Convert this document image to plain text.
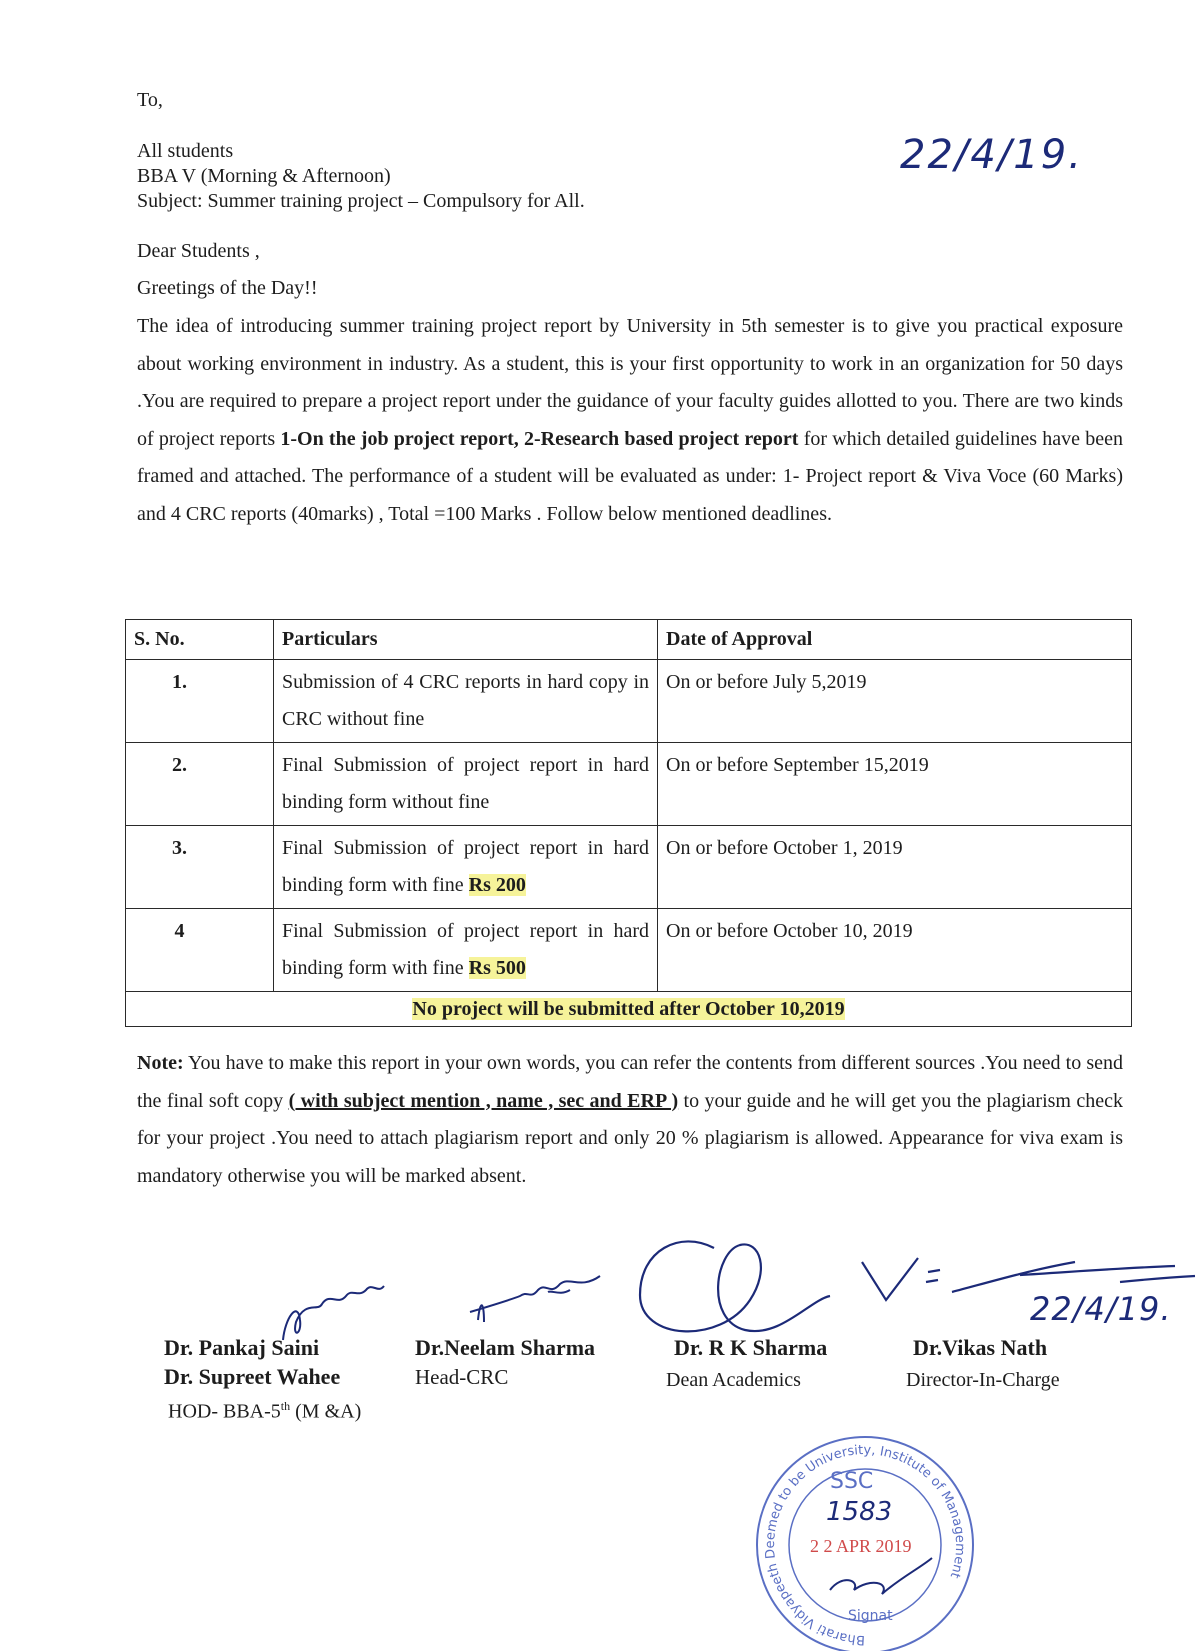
To,
All students
BBA V (Morning & Afternoon)
Subject: Summer training project – Compulsory for All.
22/4/19.
Dear Students ,
Greetings of the Day!!

The idea of introducing summer training project report by University in 5th semester is to give you practical exposure about working environment in industry. As a student, this is your first opportunity to work in an organization for 50 days .You are required to prepare a project report under the guidance of your faculty guides allotted to you. There are two kinds of project reports 1-On the job project report, 2-Research based project report for which detailed guidelines have been framed and attached. The performance of a student will be evaluated as under: 1- Project report & Viva Voce (60 Marks) and 4 CRC reports (40marks) , Total =100 Marks . Follow below mentioned deadlines.

S. No.	Particulars	Date of Approval
1.	Submission of 4 CRC reports in hard copy in CRC without fine	On or before July 5,2019
2.	Final Submission of project report in hard binding form without fine	On or before September 15,2019
3.	Final Submission of project report in hard binding form with fine Rs 200	On or before October 1, 2019
4	Final Submission of project report in hard binding form with fine Rs 500	On or before October 10, 2019
No project will be submitted after October 10,2019		

Note: You have to make this report in your own words, you can refer the contents from different sources .You need to send the final soft copy ( with subject mention , name , sec and ERP ) to your guide and he will get you the plagiarism check for your project .You need to attach plagiarism report and only 20 % plagiarism is allowed. Appearance for viva exam is mandatory otherwise you will be marked absent.

Dr. Pankaj Saini
Dr. Supreet Wahee
HOD- BBA-5th (M &A)
Dr.Neelam Sharma
Head-CRC
Dr. R K Sharma
Dean Academics
Dr.Vikas Nath
Director-In-Charge
22/4/19.
Bharati Vidyapeeth Deemed to be University, Institute of Management
SSC
1583
2 2 APR 2019
Signat
